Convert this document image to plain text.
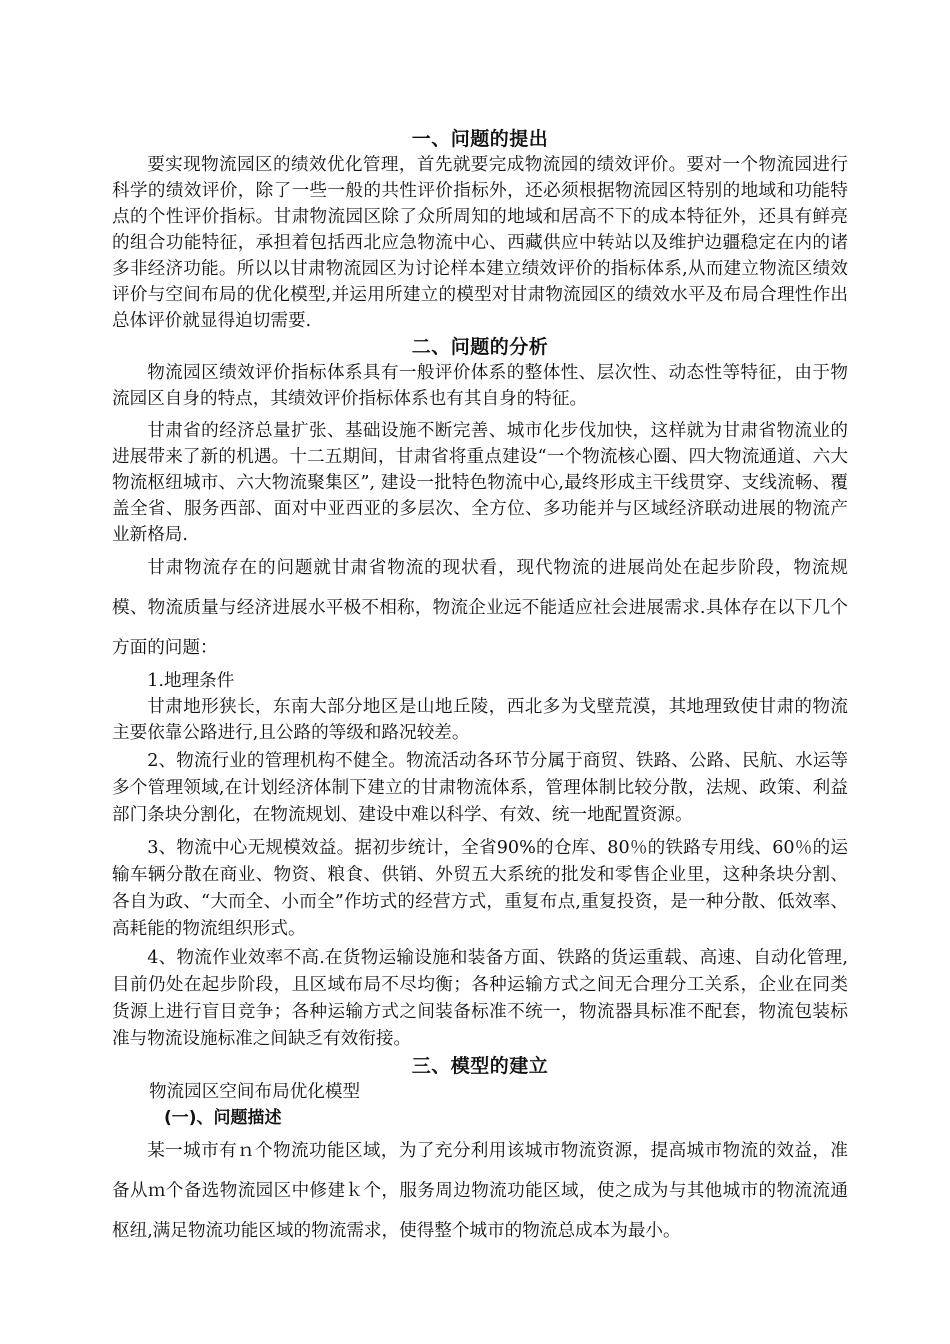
一、问题的提出

要实现物流园区的绩效优化管理，首先就要完成物流园的绩效评价。要对一个物流园进行科学的绩效评价，除了一些一般的共性评价指标外，还必须根据物流园区特别的地域和功能特点的个性评价指标。甘肃物流园区除了众所周知的地域和居高不下的成本特征外，还具有鲜亮的组合功能特征，承担着包括西北应急物流中心、西藏供应中转站以及维护边疆稳定在内的诸多非经济功能。所以以甘肃物流园区为讨论样本建立绩效评价的指标体系,从而建立物流区绩效评价与空间布局的优化模型,并运用所建立的模型对甘肃物流园区的绩效水平及布局合理性作出总体评价就显得迫切需要.

二、问题的分析

物流园区绩效评价指标体系具有一般评价体系的整体性、层次性、动态性等特征，由于物流园区自身的特点，其绩效评价指标体系也有其自身的特征。

甘肃省的经济总量扩张、基础设施不断完善、城市化步伐加快，这样就为甘肃省物流业的进展带来了新的机遇。十二五期间，甘肃省将重点建设“一个物流核心圈、四大物流通道、六大物流枢纽城市、六大物流聚集区”, 建设一批特色物流中心,最终形成主干线贯穿、支线流畅、覆盖全省、服务西部、面对中亚西亚的多层次、全方位、多功能并与区域经济联动进展的物流产业新格局.

甘肃物流存在的问题就甘肃省物流的现状看，现代物流的进展尚处在起步阶段，物流规模、物流质量与经济进展水平极不相称，物流企业远不能适应社会进展需求.具体存在以下几个方面的问题：

1.地理条件

甘肃地形狭长，东南大部分地区是山地丘陵，西北多为戈壁荒漠，其地理致使甘肃的物流主要依靠公路进行,且公路的等级和路况较差。

2、物流行业的管理机构不健全。物流活动各环节分属于商贸、铁路、公路、民航、水运等多个管理领域,在计划经济体制下建立的甘肃物流体系，管理体制比较分散，法规、政策、利益部门条块分割化，在物流规划、建设中难以科学、有效、统一地配置资源。

3、物流中心无规模效益。据初步统计，全省90%的仓库、80％的铁路专用线、60％的运输车辆分散在商业、物资、粮食、供销、外贸五大系统的批发和零售企业里，这种条块分割、各自为政、“大而全、小而全”作坊式的经营方式，重复布点,重复投资，是一种分散、低效率、高耗能的物流组织形式。

4、物流作业效率不高.在货物运输设施和装备方面、铁路的货运重载、高速、自动化管理,目前仍处在起步阶段，且区域布局不尽均衡；各种运输方式之间无合理分工关系，企业在同类货源上进行盲目竞争；各种运输方式之间装备标准不统一，物流器具标准不配套，物流包装标准与物流设施标准之间缺乏有效衔接。

三、模型的建立

物流园区空间布局优化模型

(一)、问题描述

某一城市有ｎ个物流功能区域，为了充分利用该城市物流资源，提高城市物流的效益，准备从ｍ个备选物流园区中修建ｋ个，服务周边物流功能区域，使之成为与其他城市的物流流通枢纽,满足物流功能区域的物流需求，使得整个城市的物流总成本为最小。
